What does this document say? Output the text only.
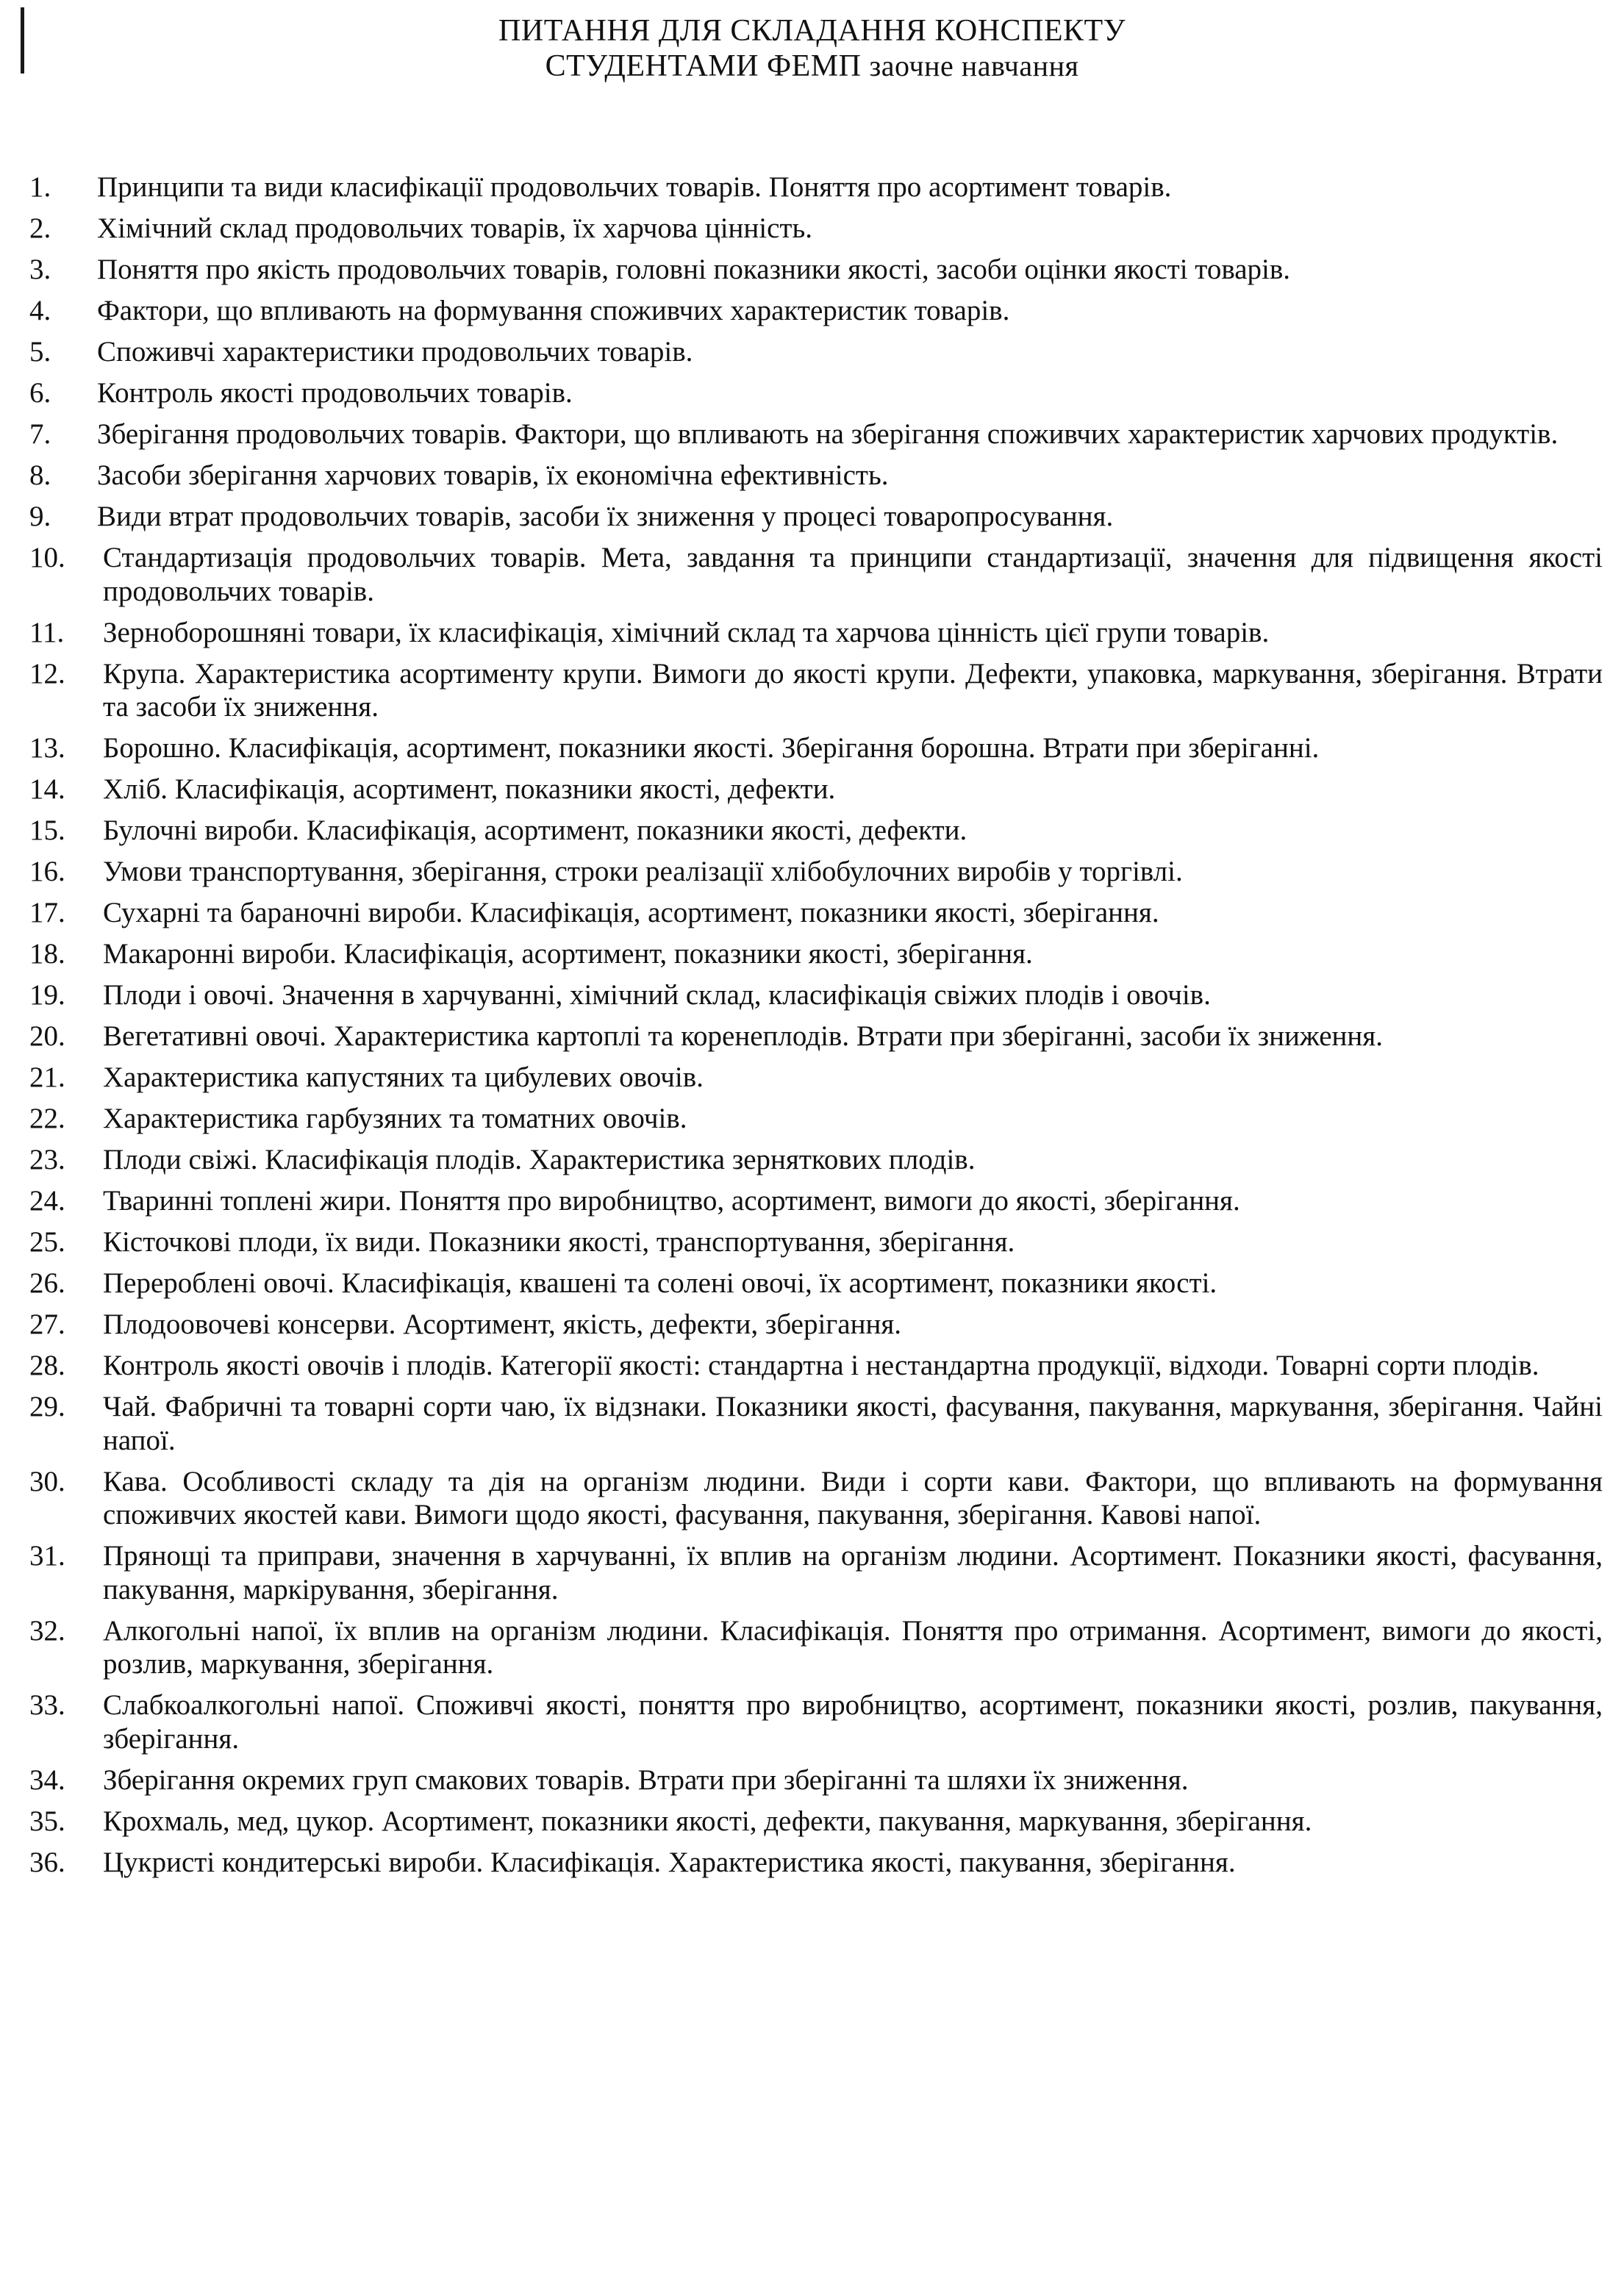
ПИТАННЯ ДЛЯ СКЛАДАННЯ КОНСПЕКТУ
СТУДЕНТАМИ ФЕМП заочне навчання
1.	Принципи та види класифікації продовольчих товарів. Поняття про асортимент товарів.
2.	Хімічний склад продовольчих товарів, їх харчова цінність.
3.	Поняття про якість продовольчих товарів, головні показники якості, засоби оцінки якості товарів.
4.	Фактори, що впливають на формування споживчих характеристик товарів.
5.	Споживчі характеристики продовольчих товарів.
6.	Контроль якості продовольчих товарів.
7.	Зберігання продовольчих товарів. Фактори, що впливають на зберігання споживчих характеристик харчових продуктів.
8.	Засоби зберігання харчових товарів, їх економічна ефективність.
9.	Види втрат продовольчих товарів, засоби їх зниження у процесі товаропросування.
10.	Стандартизація продовольчих товарів. Мета, завдання та принципи стандартизації, значення для підвищення якості продовольчих товарів.
11.	Зерноборошняні товари, їх класифікація, хімічний склад та харчова цінність цієї групи товарів.
12.	Крупа. Характеристика асортименту крупи. Вимоги до якості крупи. Дефекти, упаковка, маркування, зберігання. Втрати та засоби їх зниження.
13.	Борошно. Класифікація, асортимент, показники якості. Зберігання борошна. Втрати при зберіганні.
14.	Хліб. Класифікація, асортимент, показники якості, дефекти.
15.	Булочні вироби. Класифікація, асортимент, показники якості, дефекти.
16.	Умови транспортування, зберігання, строки реалізації хлібобулочних виробів у торгівлі.
17.	Сухарні та бараночні вироби. Класифікація, асортимент, показники якості, зберігання.
18.	Макаронні вироби. Класифікація, асортимент, показники якості, зберігання.
19.	Плоди і овочі. Значення в харчуванні, хімічний склад, класифікація свіжих плодів і овочів.
20.	Вегетативні овочі. Характеристика картоплі та коренеплодів. Втрати при зберіганні, засоби їх зниження.
21.	Характеристика капустяних та цибулевих овочів.
22.	Характеристика гарбузяних та томатних овочів.
23.	Плоди свіжі. Класифікація плодів. Характеристика зерняткових плодів.
24.	Тваринні топлені жири. Поняття про виробництво, асортимент, вимоги до якості, зберігання.
25.	Кісточкові плоди, їх види. Показники якості, транспортування, зберігання.
26.	Перероблені овочі. Класифікація, квашені та солені овочі, їх асортимент, показники якості.
27.	Плодоовочеві консерви. Асортимент, якість, дефекти, зберігання.
28.	Контроль якості овочів і плодів. Категорії якості: стандартна і нестандартна продукції, відходи. Товарні сорти плодів.
29.	Чай. Фабричні та товарні сорти чаю, їх відзнаки. Показники якості, фасування, пакування, маркування, зберігання. Чайні напої.
30.	Кава. Особливості складу та дія на організм людини. Види і сорти кави. Фактори, що впливають на формування споживчих якостей кави. Вимоги щодо якості, фасування, пакування, зберігання. Кавові напої.
31.	Прянощі та приправи, значення в харчуванні, їх вплив на організм людини. Асортимент. Показники якості, фасування, пакування, маркірування, зберігання.
32.	Алкогольні напої, їх вплив на організм людини. Класифікація. Поняття про отримання. Асортимент, вимоги до якості, розлив, маркування, зберігання.
33.	Слабкоалкогольні напої. Споживчі якості, поняття про виробництво, асортимент, показники якості, розлив, пакування, зберігання.
34.	Зберігання окремих груп смакових товарів. Втрати при зберіганні та шляхи їх зниження.
35.	Крохмаль, мед, цукор. Асортимент, показники якості, дефекти, пакування, маркування, зберігання.
36.	Цукристі кондитерські вироби. Класифікація. Характеристика якості, пакування, зберігання.
